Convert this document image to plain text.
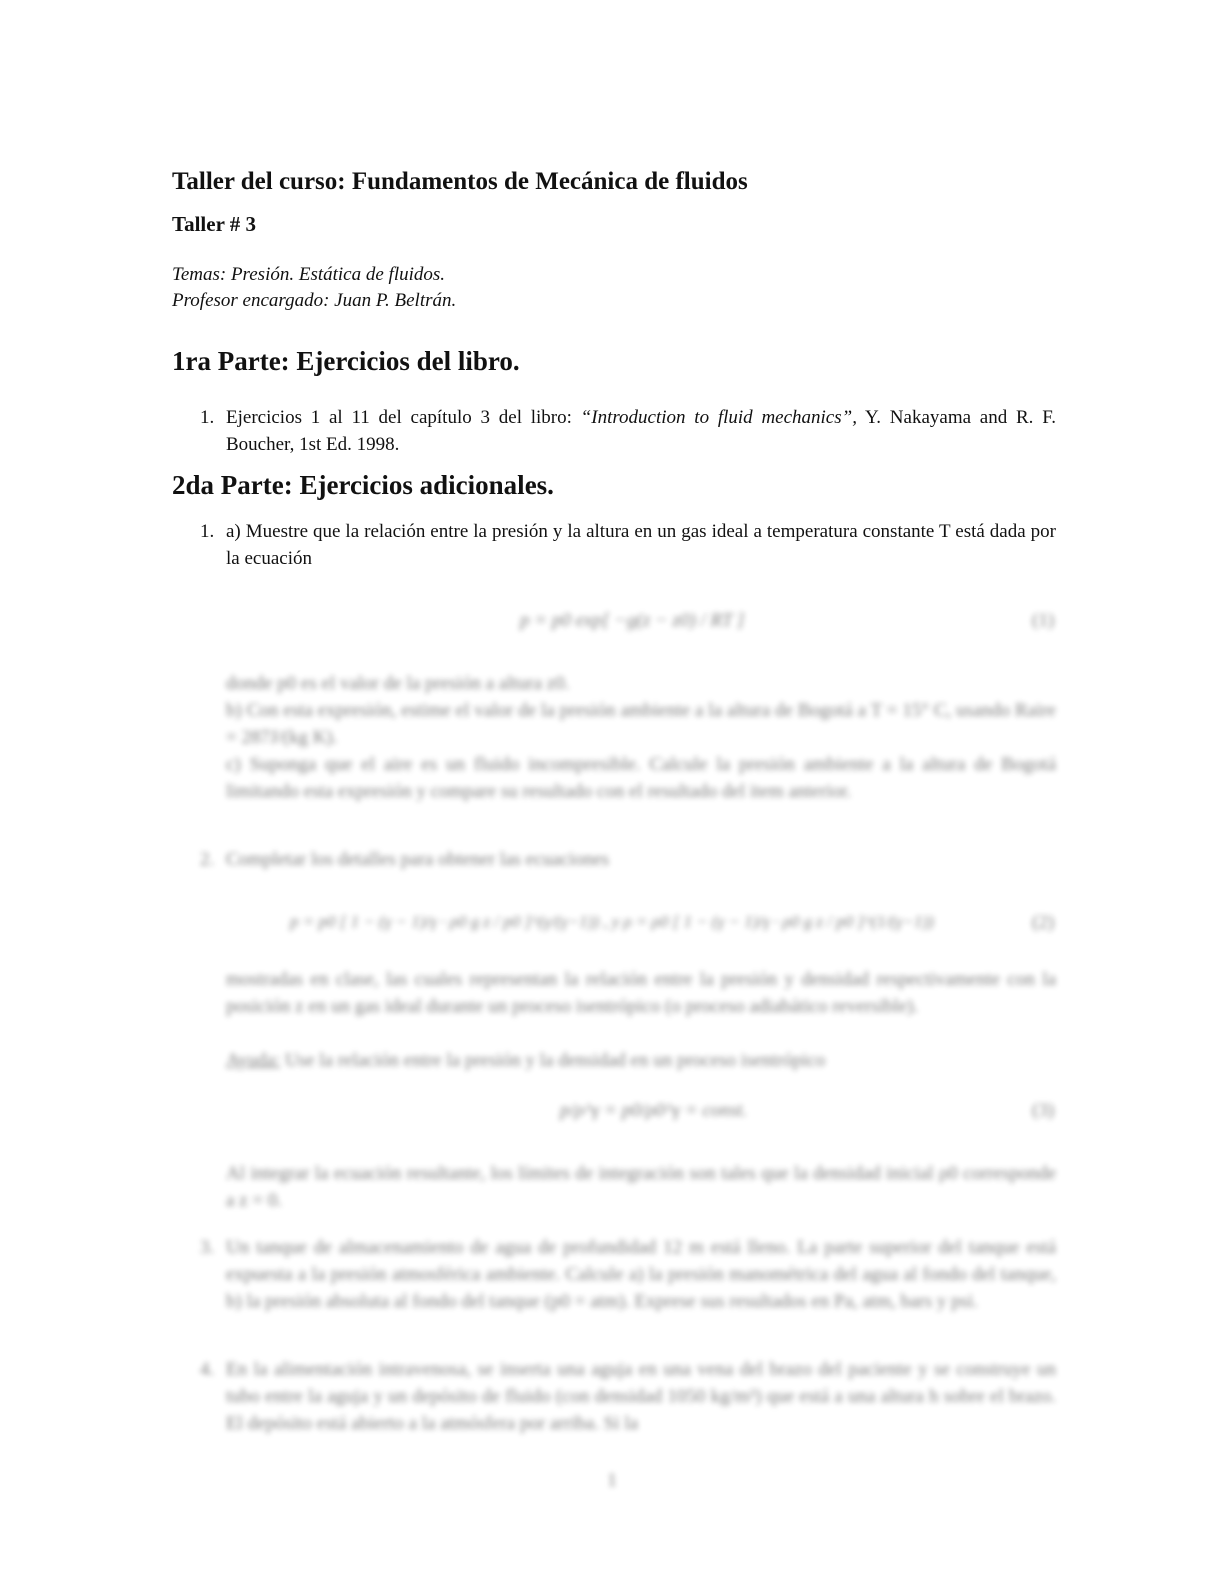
Taller del curso: Fundamentos de Mecánica de fluidos
Taller # 3
Temas: Presión. Estática de fluidos.
Profesor encargado: Juan P. Beltrán.
1ra Parte: Ejercicios del libro.
1. Ejercicios 1 al 11 del capítulo 3 del libro: “Introduction to fluid mechanics”, Y. Nakayama and R. F. Boucher, 1st Ed. 1998.
2da Parte: Ejercicios adicionales.
1. a) Muestre que la relación entre la presión y la altura en un gas ideal a temperatura constante T está dada por la ecuación
p = p0 exp[ −g(z − z0) / RT ]	(1)
donde p0 es el valor de la presión a altura z0.
b) Con esta expresión, estime el valor de la presión ambiente a la altura de Bogotá a T = 15° C, usando Raire = 287J/(kg K).
c) Suponga que el aire es un fluido incompresible. Calcule la presión ambiente a la altura de Bogotá limitando esta expresión y compare su resultado con el resultado del item anterior.
2. Completar los detalles para obtener las ecuaciones
p = p0 [ 1 − (γ − 1)/γ · ρ0 g z / p0 ]^(γ/(γ−1)) , y ρ = ρ0 [ 1 − (γ − 1)/γ · ρ0 g z / p0 ]^(1/(γ−1))	(2)
mostradas en clase, las cuales representan la relación entre la presión y densidad respectivamente con la posición z en un gas ideal durante un proceso isentrópico (o proceso adiabático reversible).
Ayuda: Use la relación entre la presión y la densidad en un proceso isentrópico
p/ρ^γ = p0/ρ0^γ = const.	(3)
Al integrar la ecuación resultante, los límites de integración son tales que la densidad inicial ρ0 corresponde a z = 0.
3. Un tanque de almacenamiento de agua de profundidad 12 m está lleno. La parte superior del tanque está expuesta a la presión atmosférica ambiente. Calcule a) la presión manométrica del agua al fondo del tanque, b) la presión absoluta al fondo del tanque (p0 = atm). Exprese sus resultados en Pa, atm, bars y psi.
4. En la alimentación intravenosa, se inserta una aguja en una vena del brazo del paciente y se construye un tubo entre la aguja y un depósito de fluido (con densidad 1050 kg/m³) que está a una altura h sobre el brazo. El depósito está abierto a la atmósfera por arriba. Si la
1
